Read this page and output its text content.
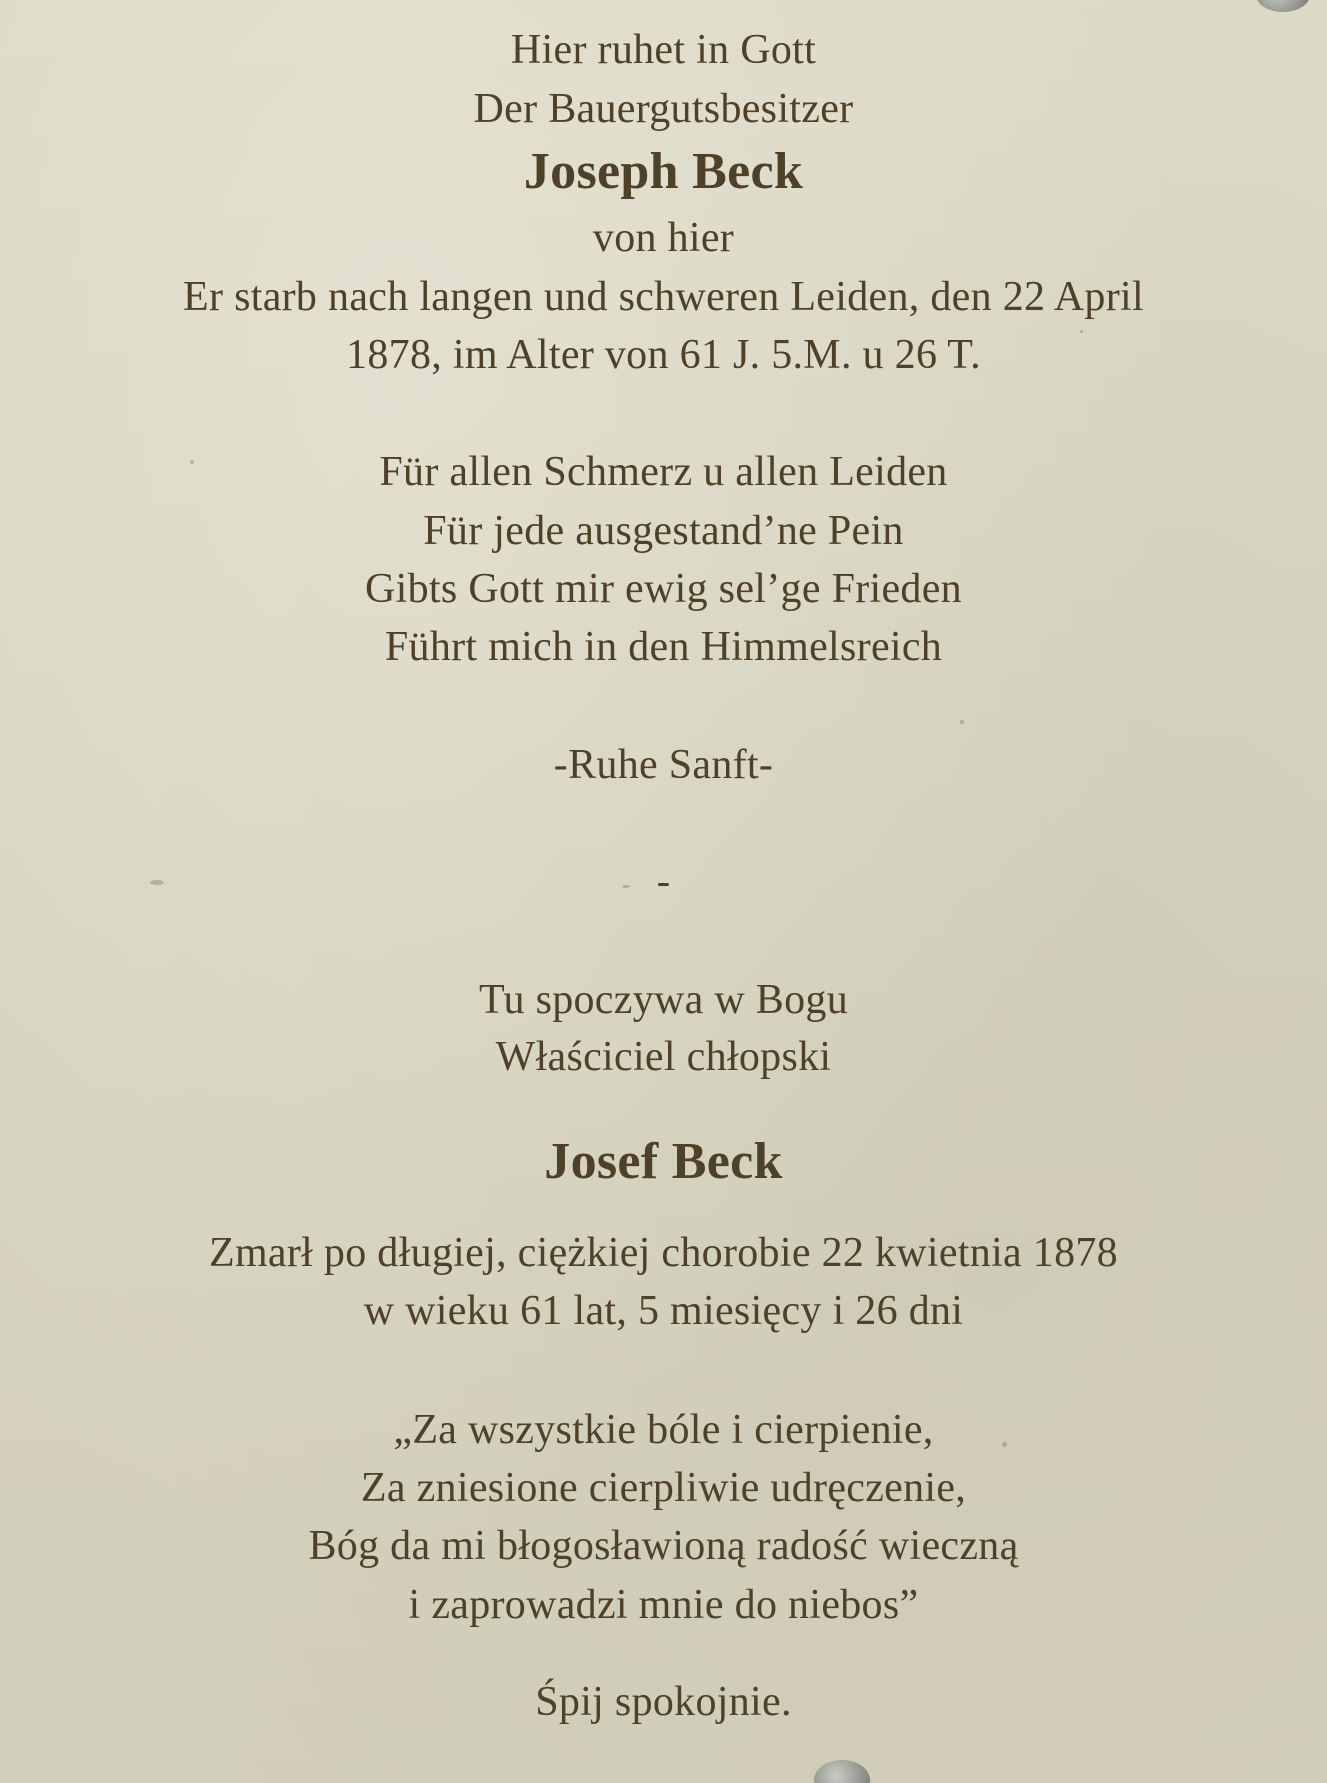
Hier ruhet in Gott
Der Bauergutsbesitzer
Joseph Beck
von hier
Er starb nach langen und schweren Leiden, den 22 April
1878, im Alter von 61 J. 5.M. u 26 T.
Für allen Schmerz u allen Leiden
Für jede ausgestand’ne Pein
Gibts Gott mir ewig sel’ge Frieden
Führt mich in den Himmelsreich
-Ruhe Sanft-
-
Tu spoczywa w Bogu
Właściciel chłopski
Josef Beck
Zmarł po długiej, ciężkiej chorobie 22 kwietnia 1878
w wieku 61 lat, 5 miesięcy i 26 dni
„Za wszystkie bóle i cierpienie,
Za zniesione cierpliwie udręczenie,
Bóg da mi błogosławioną radość wieczną
i zaprowadzi mnie do niebos”
Śpij spokojnie.
